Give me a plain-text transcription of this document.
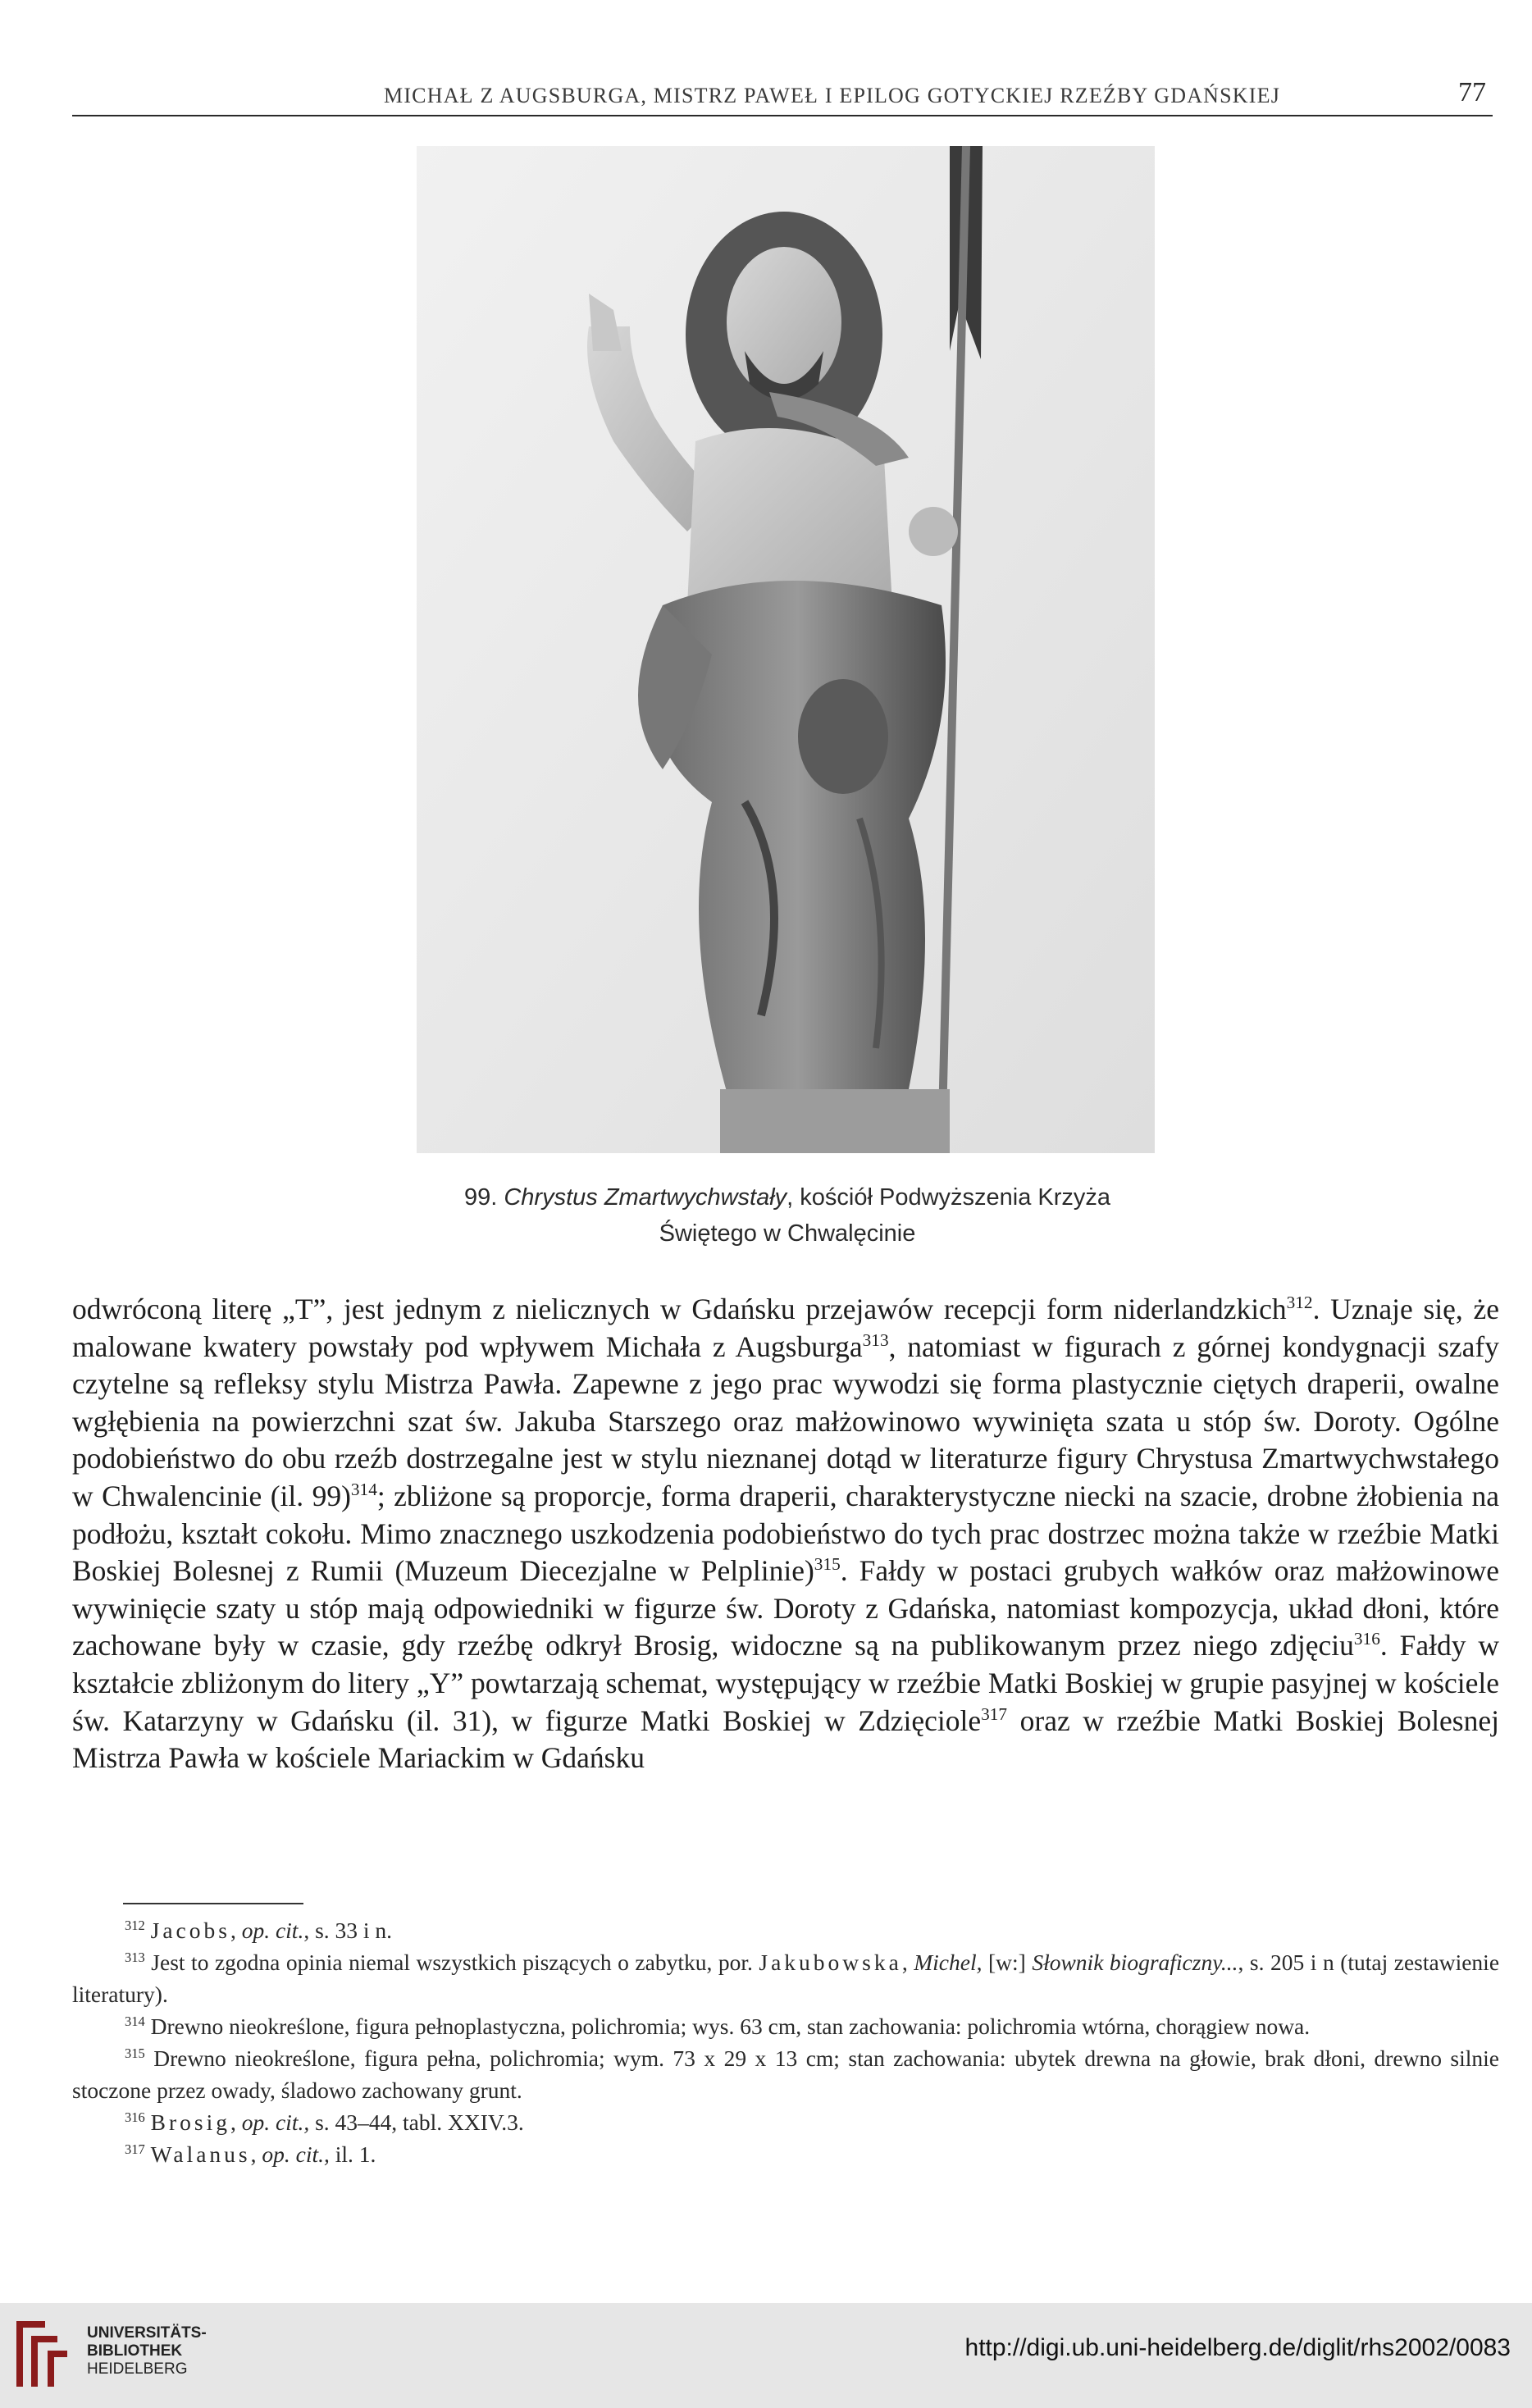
MICHAŁ Z AUGSBURGA, MISTRZ PAWEŁ I EPILOG GOTYCKIEJ RZEŹBY GDAŃSKIEJ	77
99. Chrystus Zmartwychwstały, kościół Podwyższenia Krzyża
Świętego w Chwalęcinie

odwróconą literę „T”, jest jednym z nielicznych w Gdańsku przejawów recepcji form niderlandzkich$^{312}$. Uznaje się, że malowane kwatery powstały pod wpływem Michała z Augsburga$^{313}$, natomiast w figurach z górnej kondygnacji szafy czytelne są refleksy stylu Mistrza Pawła. Zapewne z jego prac wywodzi się forma plastycznie ciętych draperii, owalne wgłębienia na powierzchni szat św. Jakuba Starszego oraz małżowinowo wywinięta szata u stóp św. Doroty. Ogólne podobieństwo do obu rzeźb dostrzegalne jest w stylu nieznanej dotąd w literaturze figury Chrystusa Zmartwychwstałego w Chwalencinie (il. 99)$^{314}$; zbliżone są proporcje, forma draperii, charakterystyczne niecki na szacie, drobne żłobienia na podłożu, kształt cokołu. Mimo znacznego uszkodzenia podobieństwo do tych prac dostrzec można także w rzeźbie Matki Boskiej Bolesnej z Rumii (Muzeum Diecezjalne w Pelplinie)$^{315}$. Fałdy w postaci grubych wałków oraz małżowinowe wywinięcie szaty u stóp mają odpowiedniki w figurze św. Doroty z Gdańska, natomiast kompozycja, układ dłoni, które zachowane były w czasie, gdy rzeźbę odkrył Brosig, widoczne są na publikowanym przez niego zdjęciu$^{316}$. Fałdy w kształcie zbliżonym do litery „Y” powtarzają schemat, występujący w rzeźbie Matki Boskiej w grupie pasyjnej w kościele św. Katarzyny w Gdańsku (il. 31), w figurze Matki Boskiej w Zdzięciole$^{317}$ oraz w rzeźbie Matki Boskiej Bolesnej Mistrza Pawła w kościele Mariackim w Gdańsku

$^{312}$ Jacobs, op. cit., s. 33 i n.

$^{313}$ Jest to zgodna opinia niemal wszystkich piszących o zabytku, por. Jakubowska, Michel, [w:] Słownik biograficzny..., s. 205 i n (tutaj zestawienie literatury).

$^{314}$ Drewno nieokreślone, figura pełnoplastyczna, polichromia; wys. 63 cm, stan zachowania: polichromia wtórna, chorągiew nowa.

$^{315}$ Drewno nieokreślone, figura pełna, polichromia; wym. 73 x 29 x 13 cm; stan zachowania: ubytek drewna na głowie, brak dłoni, drewno silnie stoczone przez owady, śladowo zachowany grunt.

$^{316}$ Brosig, op. cit., s. 43–44, tabl. XXIV.3.

$^{317}$ Walanus, op. cit., il. 1.

UNIVERSITÄTS-
BIBLIOTHEK
HEIDELBERG
http://digi.ub.uni-heidelberg.de/diglit/rhs2002/0083
